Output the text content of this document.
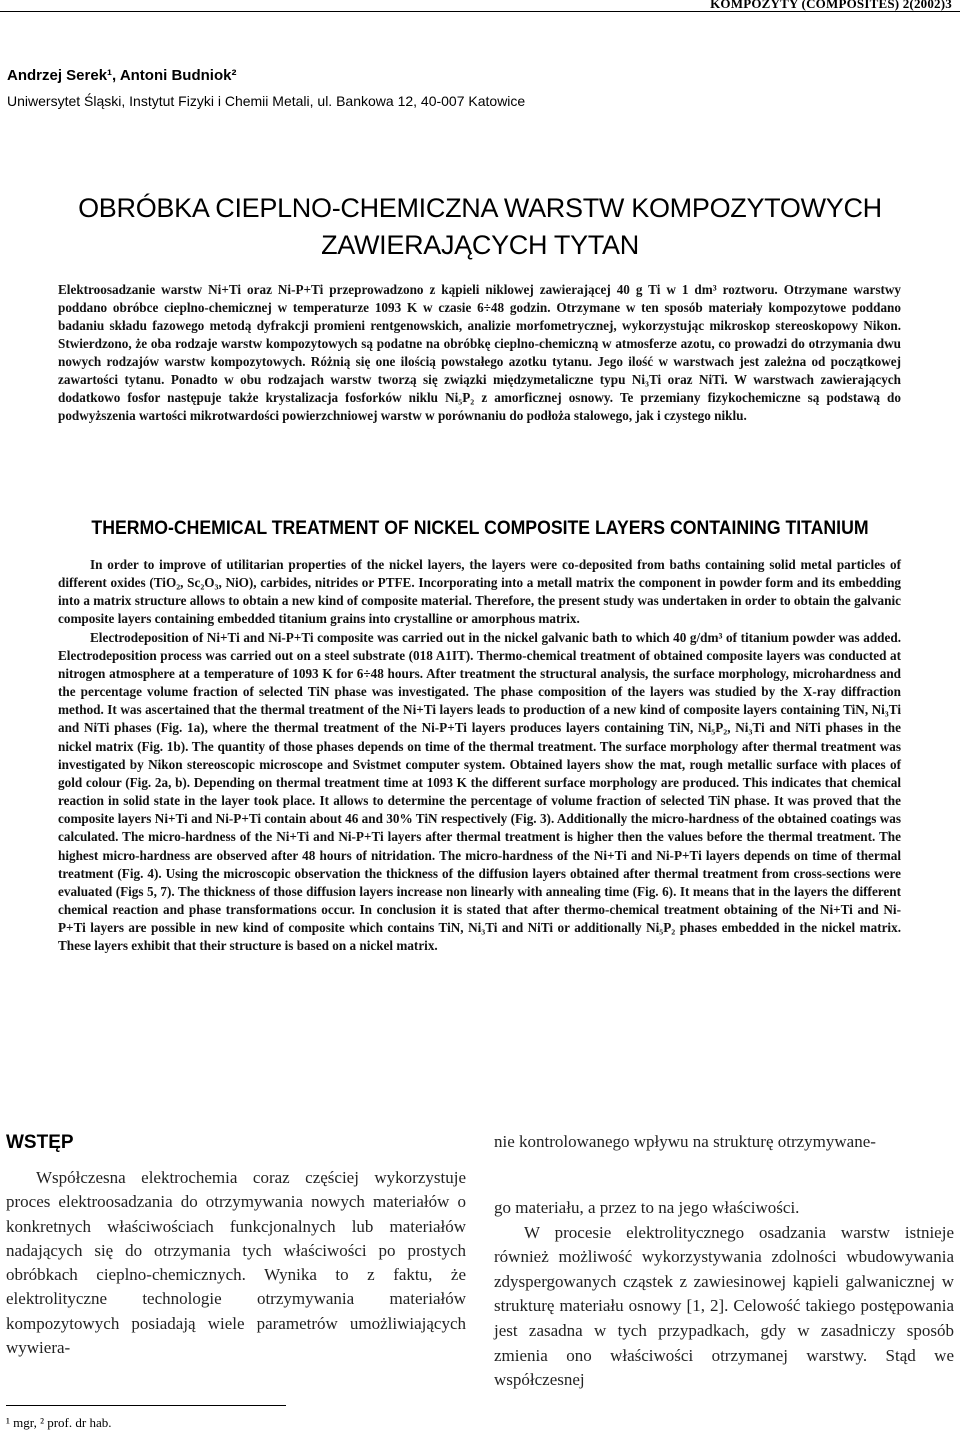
KOMPOZYTY (COMPOSITES) 2(2002)3
Andrzej Serek¹, Antoni Budniok²
Uniwersytet Śląski, Instytut Fizyki i Chemii Metali, ul. Bankowa 12, 40-007 Katowice
OBRÓBKA CIEPLNO-CHEMICZNA WARSTW KOMPOZYTOWYCH
ZAWIERAJĄCYCH TYTAN

Elektroosadzanie warstw Ni+Ti oraz Ni-P+Ti przeprowadzono z kąpieli niklowej zawierającej 40 g Ti w 1 dm³ roztworu. Otrzymane warstwy poddano obróbce cieplno-chemicznej w temperaturze 1093 K w czasie 6÷48 godzin. Otrzymane w ten sposób materiały kompozytowe poddano badaniu składu fazowego metodą dyfrakcji promieni rentgenowskich, analizie morfometrycznej, wykorzystując mikroskop stereoskopowy Nikon. Stwierdzono, że oba rodzaje warstw kompozytowych są podatne na obróbkę cieplno-chemiczną w atmosferze azotu, co prowadzi do otrzymania dwu nowych rodzajów warstw kompozytowych. Różnią się one ilością powstałego azotku tytanu. Jego ilość w warstwach jest zależna od początkowej zawartości tytanu. Ponadto w obu rodzajach warstw tworzą się związki międzymetaliczne typu Ni₃Ti oraz NiTi. W warstwach zawierających dodatkowo fosfor następuje także krystalizacja fosforków niklu Ni₅P₂ z amorficznej osnowy. Te przemiany fizykochemiczne są podstawą do podwyższenia wartości mikrotwardości powierzchniowej warstw w porównaniu do podłoża stalowego, jak i czystego niklu.

THERMO-CHEMICAL TREATMENT OF NICKEL COMPOSITE LAYERS CONTAINING TITANIUM

In order to improve of utilitarian properties of the nickel layers, the layers were co-deposited from baths containing solid metal particles of different oxides (TiO₂, Sc₂O₃, NiO), carbides, nitrides or PTFE. Incorporating into a metall matrix the component in powder form and its embedding into a matrix structure allows to obtain a new kind of composite material. Therefore, the present study was undertaken in order to obtain the galvanic composite layers containing embedded titanium grains into crystalline or amorphous matrix.

Electrodeposition of Ni+Ti and Ni-P+Ti composite was carried out in the nickel galvanic bath to which 40 g/dm³ of titanium powder was added. Electrodeposition process was carried out on a steel substrate (018 A1IT). Thermo-chemical treatment of obtained composite layers was conducted at nitrogen atmosphere at a temperature of 1093 K for 6÷48 hours. After treatment the structural analysis, the surface morphology, microhardness and the percentage volume fraction of selected TiN phase was investigated. The phase composition of the layers was studied by the X-ray diffraction method. It was ascertained that the thermal treatment of the Ni+Ti layers leads to production of a new kind of composite layers containing TiN, Ni₃Ti and NiTi phases (Fig. 1a), where the thermal treatment of the Ni-P+Ti layers produces layers containing TiN, Ni₅P₂, Ni₃Ti and NiTi phases in the nickel matrix (Fig. 1b). The quantity of those phases depends on time of the thermal treatment. The surface morphology after thermal treatment was investigated by Nikon stereoscopic microscope and Svistmet computer system. Obtained layers show the mat, rough metallic surface with places of gold colour (Fig. 2a, b). Depending on thermal treatment time at 1093 K the different surface morphology are produced. This indicates that chemical reaction in solid state in the layer took place. It allows to determine the percentage of volume fraction of selected TiN phase. It was proved that the composite layers Ni+Ti and Ni-P+Ti contain about 46 and 30% TiN respectively (Fig. 3). Additionally the micro-hardness of the obtained coatings was calculated. The micro-hardness of the Ni+Ti and Ni-P+Ti layers after thermal treatment is higher then the values before the thermal treatment. The highest micro-hardness are observed after 48 hours of nitridation. The micro-hardness of the Ni+Ti and Ni-P+Ti layers depends on time of thermal treatment (Fig. 4). Using the microscopic observation the thickness of the diffusion layers obtained after thermal treatment from cross-sections were evaluated (Figs 5, 7). The thickness of those diffusion layers increase non linearly with annealing time (Fig. 6). It means that in the layers the different chemical reaction and phase transformations occur. In conclusion it is stated that after thermo-chemical treatment obtaining of the Ni+Ti and Ni-P+Ti layers are possible in new kind of composite which contains TiN, Ni₃Ti and NiTi or additionally Ni₅P₂ phases embedded in the nickel matrix. These layers exhibit that their structure is based on a nickel matrix.

WSTĘP

Współczesna elektrochemia coraz częściej wykorzystuje proces elektroosadzania do otrzymywania nowych materiałów o konkretnych właściwościach funkcjonalnych lub materiałów nadających się do otrzymania tych właściwości po prostych obróbkach cieplno-chemicznych. Wynika to z faktu, że elektrolityczne technologie otrzymywania materiałów kompozytowych posiadają wiele parametrów umożliwiających wywiera-

nie kontrolowanego wpływu na strukturę otrzymywane-

go materiału, a przez to na jego właściwości.

W procesie elektrolitycznego osadzania warstw istnieje również możliwość wykorzystywania zdolności wbudowywania zdyspergowanych cząstek z zawiesinowej kąpieli galwanicznej w strukturę materiału osnowy [1, 2]. Celowość takiego postępowania jest zasadna w tych przypadkach, gdy w zasadniczy sposób zmienia ono właściwości otrzymanej warstwy. Stąd we współczesnej

¹ mgr, ² prof. dr hab.
